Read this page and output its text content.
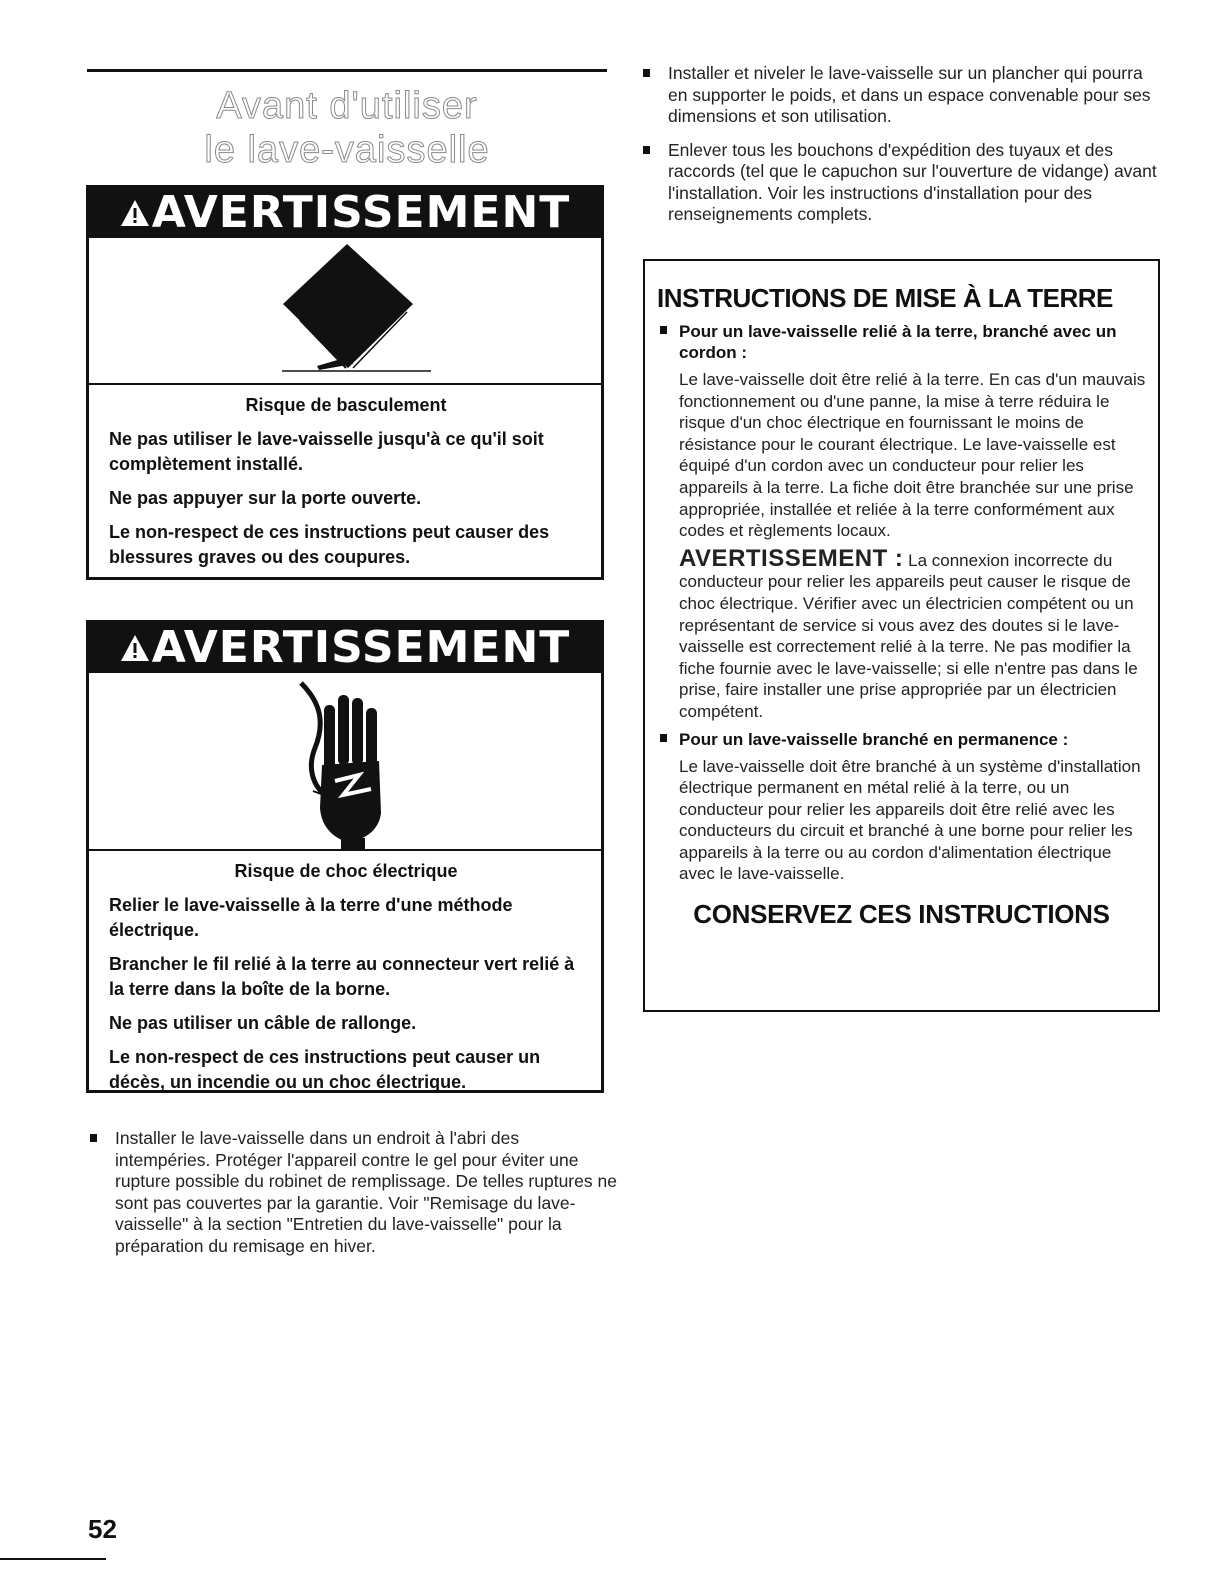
Avant d'utiliser
le lave-vaisselle
AVERTISSEMENT
Risque de basculement

Ne pas utiliser le lave-vaisselle jusqu'à ce qu'il soit complètement installé.

Ne pas appuyer sur la porte ouverte.

Le non-respect de ces instructions peut causer des blessures graves ou des coupures.

AVERTISSEMENT
Risque de choc électrique

Relier le lave-vaisselle à la terre d'une méthode électrique.

Brancher le fil relié à la terre au connecteur vert relié à la terre dans la boîte de la borne.

Ne pas utiliser un câble de rallonge.

Le non-respect de ces instructions peut causer un décès, un incendie ou un choc électrique.

Installer le lave-vaisselle dans un endroit à l'abri des intempéries. Protéger l'appareil contre le gel pour éviter une rupture possible du robinet de remplissage. De telles ruptures ne sont pas couvertes par la garantie. Voir "Remisage du lave-vaisselle" à la section "Entretien du lave-vaisselle" pour la préparation du remisage en hiver.
Installer et niveler le lave-vaisselle sur un plancher qui pourra en supporter le poids, et dans un espace convenable pour ses dimensions et son utilisation.
Enlever tous les bouchons d'expédition des tuyaux et des raccords (tel que le capuchon sur l'ouverture de vidange) avant l'installation. Voir les instructions d'installation pour des renseignements complets.
INSTRUCTIONS DE MISE À LA TERRE
Pour un lave-vaisselle relié à la terre, branché avec un cordon :
Le lave-vaisselle doit être relié à la terre. En cas d'un mauvais fonctionnement ou d'une panne, la mise à terre réduira le risque d'un choc électrique en fournissant le moins de résistance pour le courant électrique. Le lave-vaisselle est équipé d'un cordon avec un conducteur pour relier les appareils à la terre. La fiche doit être branchée sur une prise appropriée, installée et reliée à la terre conformément aux codes et règlements locaux.
AVERTISSEMENT : La connexion incorrecte du conducteur pour relier les appareils peut causer le risque de choc électrique. Vérifier avec un électricien compétent ou un représentant de service si vous avez des doutes si le lave-vaisselle est correctement relié à la terre. Ne pas modifier la fiche fournie avec le lave-vaisselle; si elle n'entre pas dans le prise, faire installer une prise appropriée par un électricien compétent.
Pour un lave-vaisselle branché en permanence :
Le lave-vaisselle doit être branché à un système d'installation électrique permanent en métal relié à la terre, ou un conducteur pour relier les appareils doit être relié avec les conducteurs du circuit et branché à une borne pour relier les appareils à la terre ou au cordon d'alimentation électrique avec le lave-vaisselle.
CONSERVEZ CES INSTRUCTIONS
52
